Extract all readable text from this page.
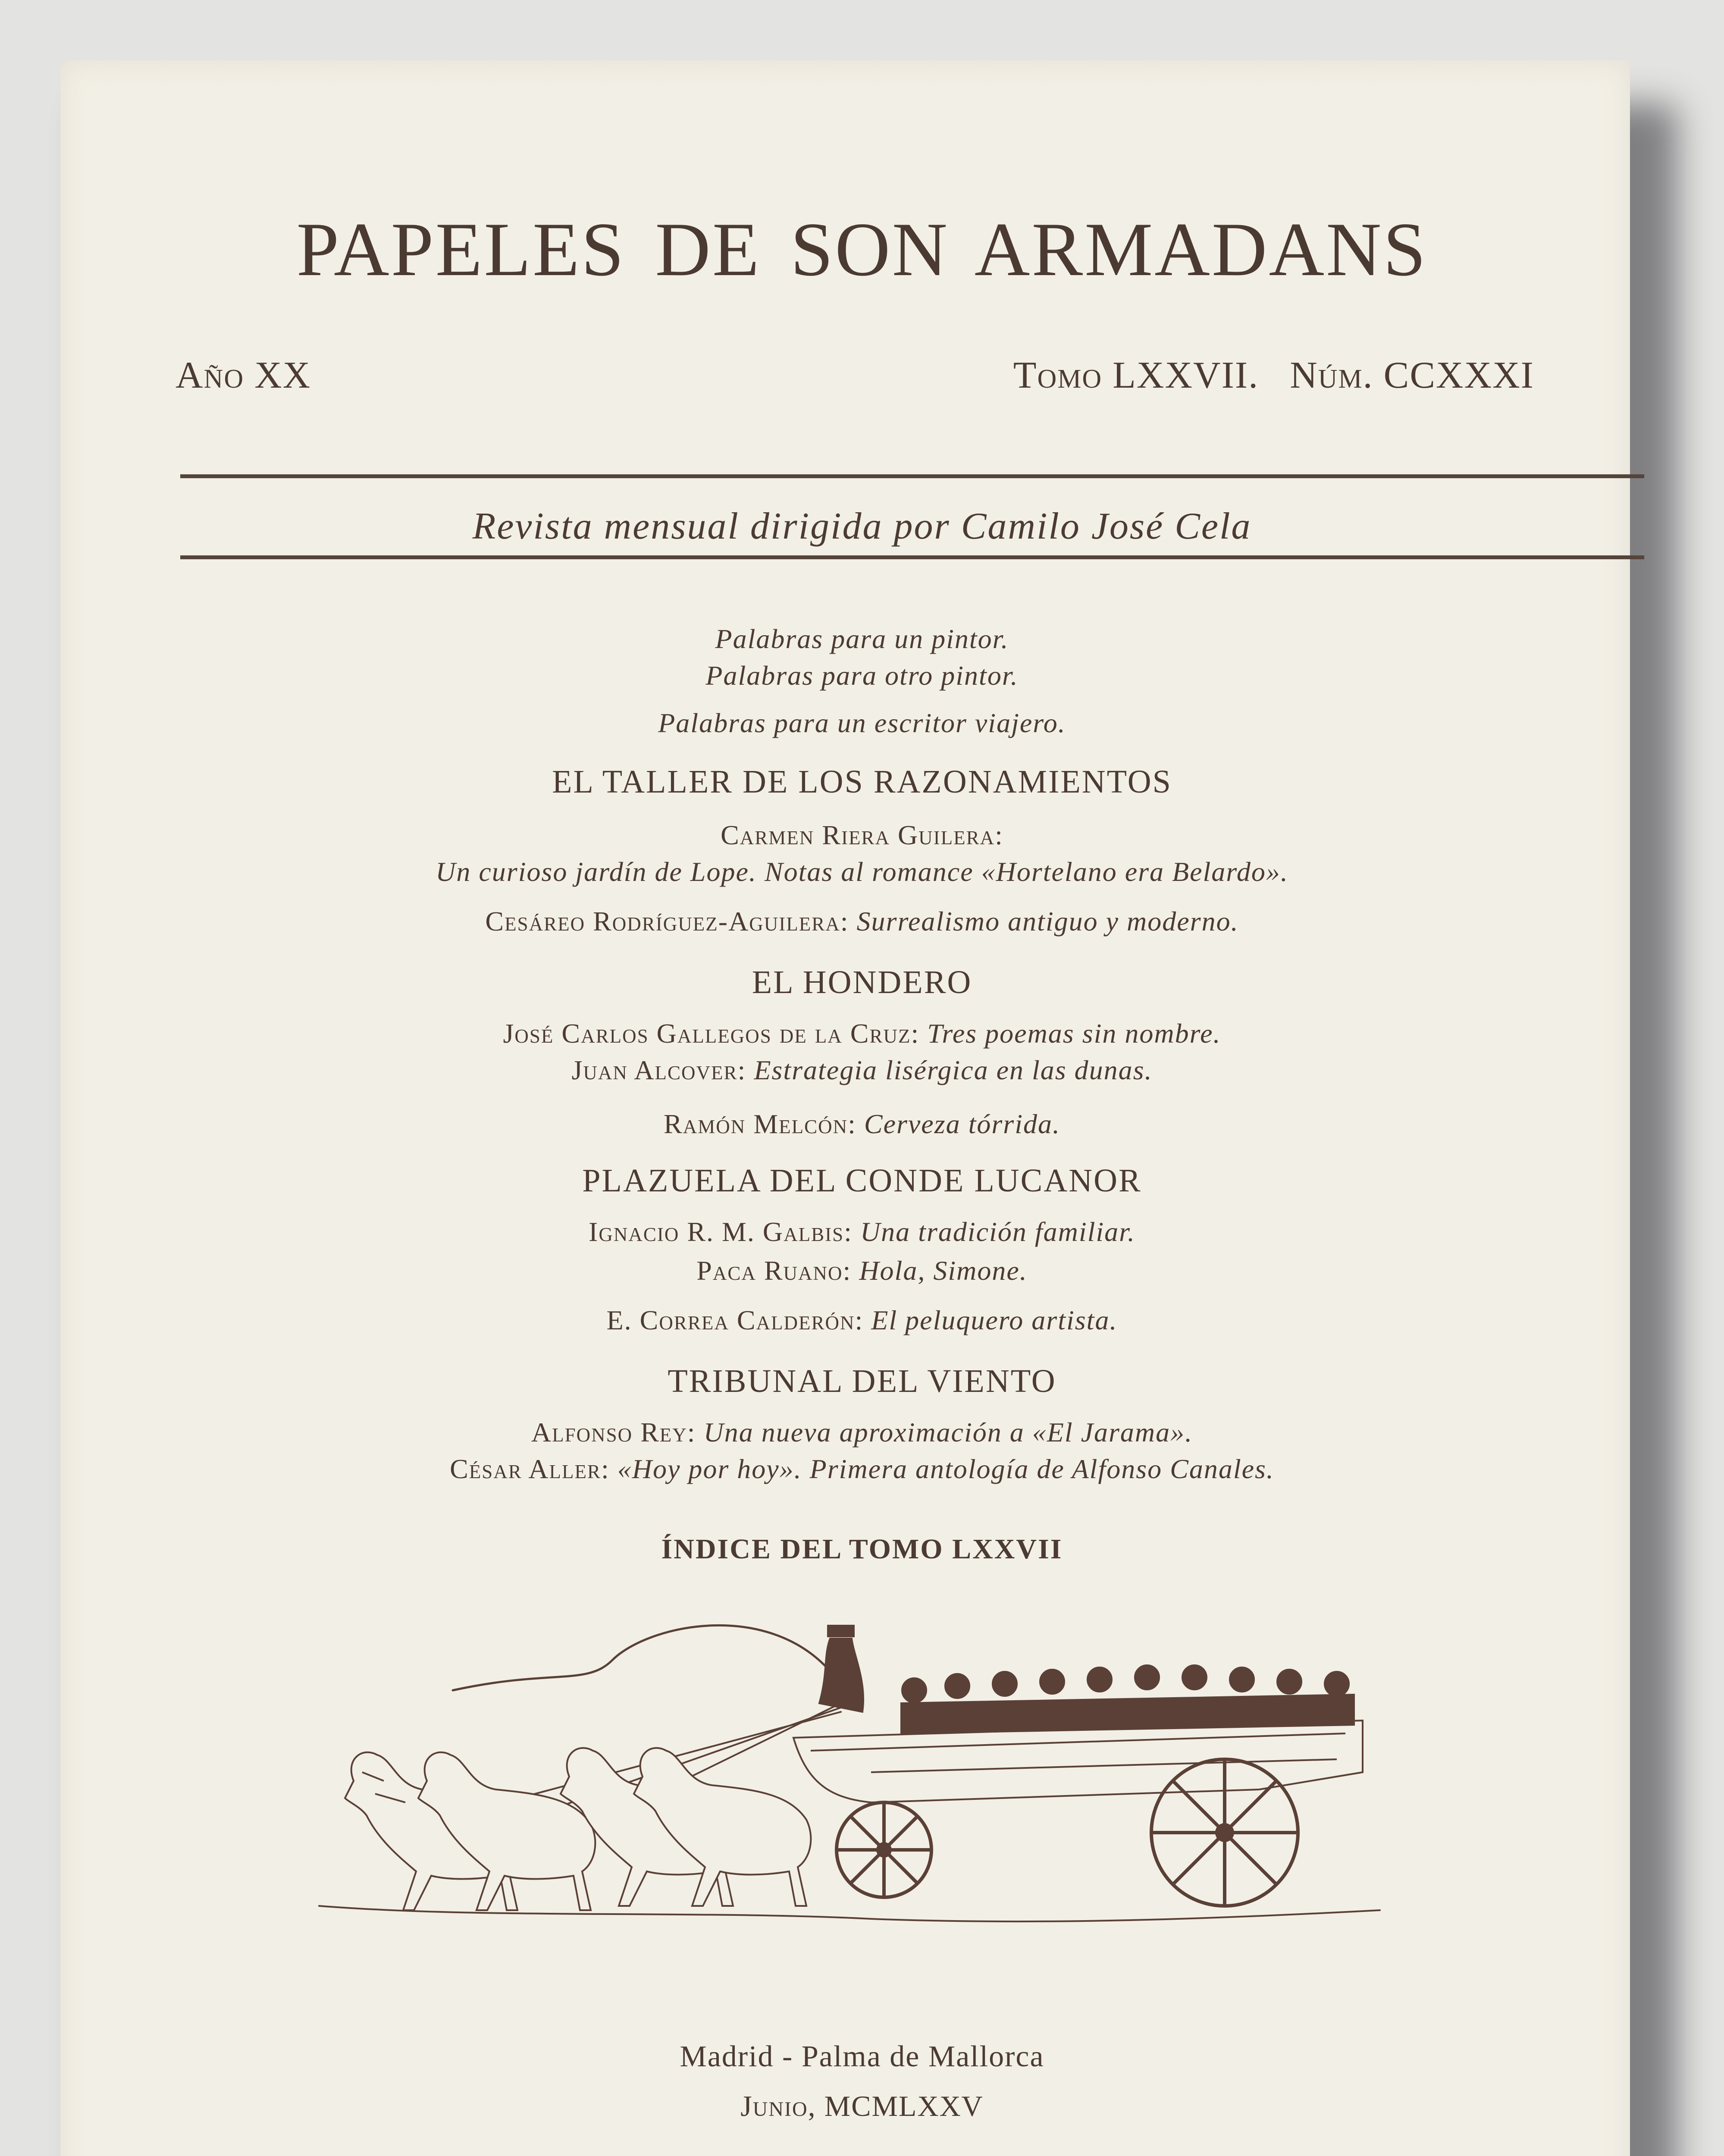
PAPELES DE SON ARMADANS
Año XX	Tomo LXXVII. Núm. CCXXXI
Revista mensual dirigida por Camilo José Cela
Palabras para un pintor.
Palabras para otro pintor.
Palabras para un escritor viajero.
EL TALLER DE LOS RAZONAMIENTOS
Carmen Riera Guilera:
Un curioso jardín de Lope. Notas al romance «Hortelano era Belardo».
Cesáreo Rodríguez-Aguilera: Surrealismo antiguo y moderno.
EL HONDERO
José Carlos Gallegos de la Cruz: Tres poemas sin nombre.
Juan Alcover: Estrategia lisérgica en las dunas.
Ramón Melcón: Cerveza tórrida.
PLAZUELA DEL CONDE LUCANOR
Ignacio R. M. Galbis: Una tradición familiar.
Paca Ruano: Hola, Simone.
E. Correa Calderón: El peluquero artista.
TRIBUNAL DEL VIENTO
Alfonso Rey: Una nueva aproximación a «El Jarama».
César Aller: «Hoy por hoy». Primera antología de Alfonso Canales.
ÍNDICE DEL TOMO LXXVII
Madrid - Palma de Mallorca
Junio, MCMLXXV
